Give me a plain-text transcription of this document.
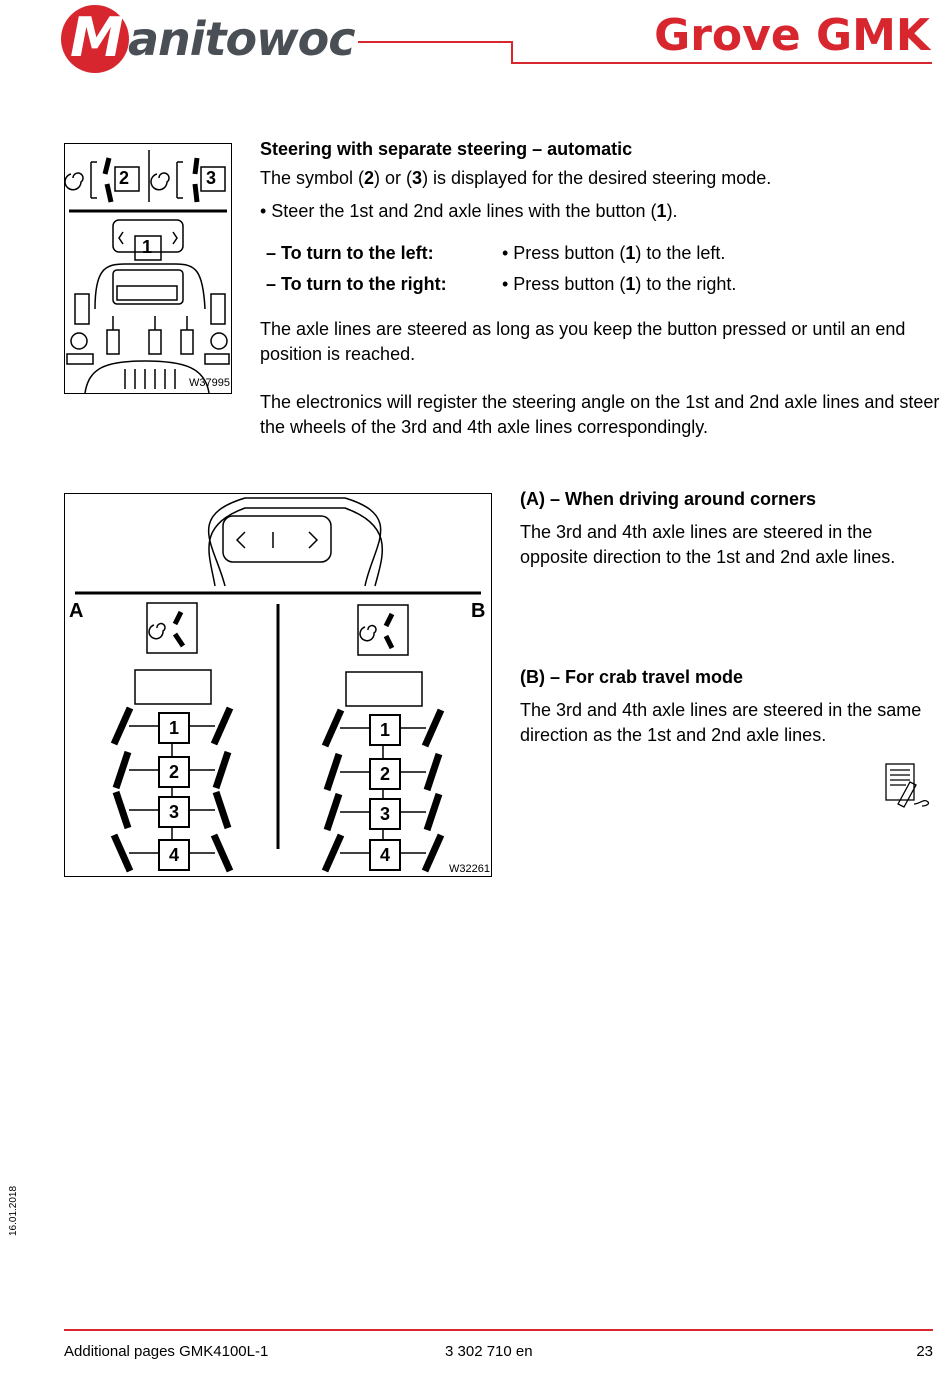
M anitowoc	Grove GMK
2	3
1
W37995
Steering with separate steering – automatic
The symbol (2) or (3) is displayed for the desired steering mode.
• Steer the 1st and 2nd axle lines with the button (1).
– To turn to the left:	• Press button (1) to the left.
– To turn to the right:	• Press button (1) to the right.
The axle lines are steered as long as you keep the button pressed or until an end position is reached.
The electronics will register the steering angle on the 1st and 2nd axle lines and steer the wheels of the 3rd and 4th axle lines correspondingly.
A	B
W32261
1
2
3
4
1
2
3
4
(A) – When driving around corners
The 3rd and 4th axle lines are steered in the opposite direction to the 1st and 2nd axle lines.
(B) – For crab travel mode
The 3rd and 4th axle lines are steered in the same direction as the 1st and 2nd axle lines.
16.01.2018
Additional pages GMK4100L-1	3 302 710 en	23
